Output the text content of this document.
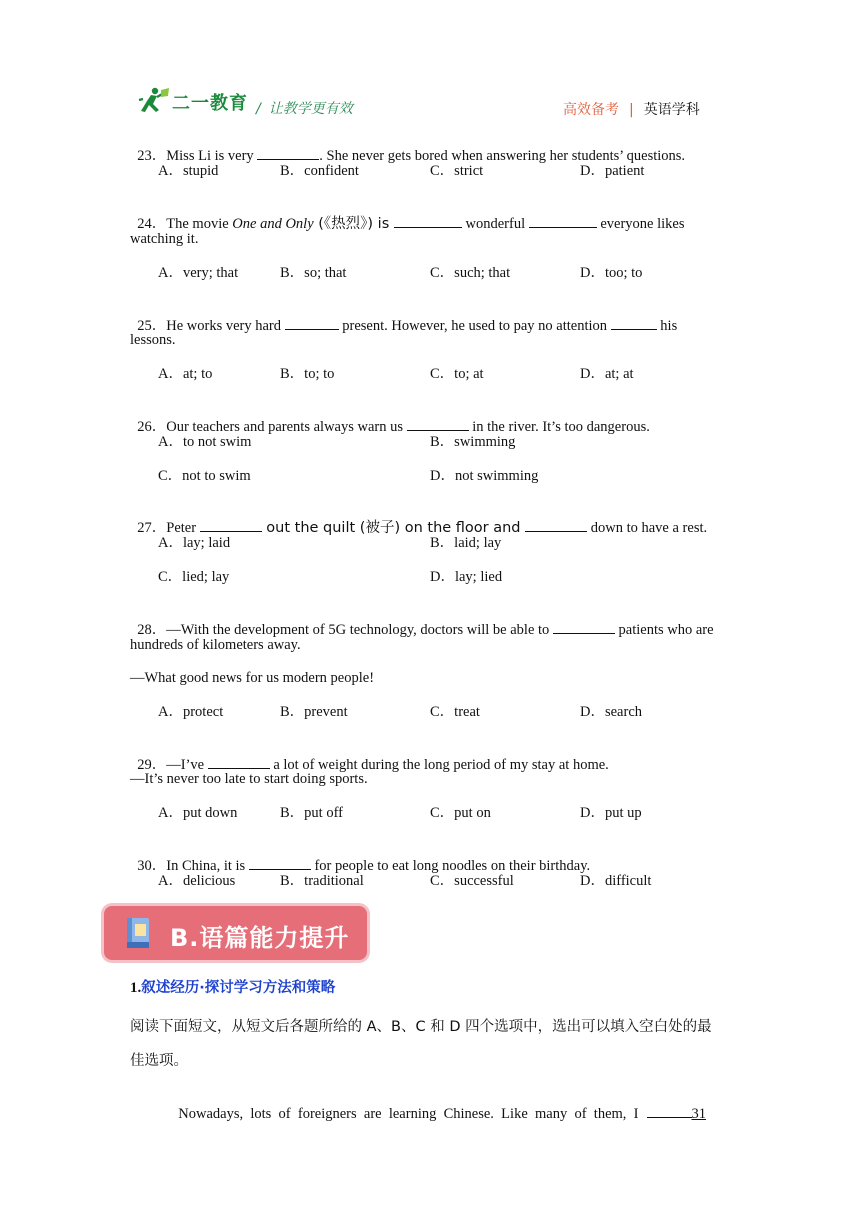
二一教育 / 让教学更有效	高效备考 | 英语学科

23．Miss Li is very	. She never gets bored when answering her students’ questions.

A．stupid	B．confident	C．strict	D．patient

24．The movie One and Only (《热烈》) is	wonderful	everyone likes

watching it.
A．very; that	B．so; that	C．such; that	D．too; to

25．He works very hard	present. However, he used to pay no attention	his

lessons.
A．at; to	B．to; to	C．to; at	D．at; at

26．Our teachers and parents always warn us	in the river. It’s too dangerous.

A．to not swim	B．swimming
C．not to swim	D．not swimming

27．Peter	out the quilt (被子) on the floor and	down to have a rest.

A．lay; laid	B．laid; lay
C．lied; lay	D．lay; lied

28．—With the development of 5G technology, doctors will be able to	patients who are

hundreds of kilometers away.
—What good news for us modern people!
A．protect	B．prevent	C．treat	D．search

29．—I’ve	a lot of weight during the long period of my stay at home.

—It’s never too late to start doing sports.
A．put down	B．put off	C．put on	D．put up

30．In China, it is	for people to eat long noodles on their birthday.

A．delicious	B．traditional	C．successful	D．difficult
B.语篇能力提升
1.叙述经历·探讨学习方法和策略
阅读下面短文，从短文后各题所给的 A、B、C 和 D 四个选项中，选出可以填入空白处的最
佳选项。

Nowadays,  lots  of  foreigners  are  learning  Chinese.  Like  many  of  them,  I	31
